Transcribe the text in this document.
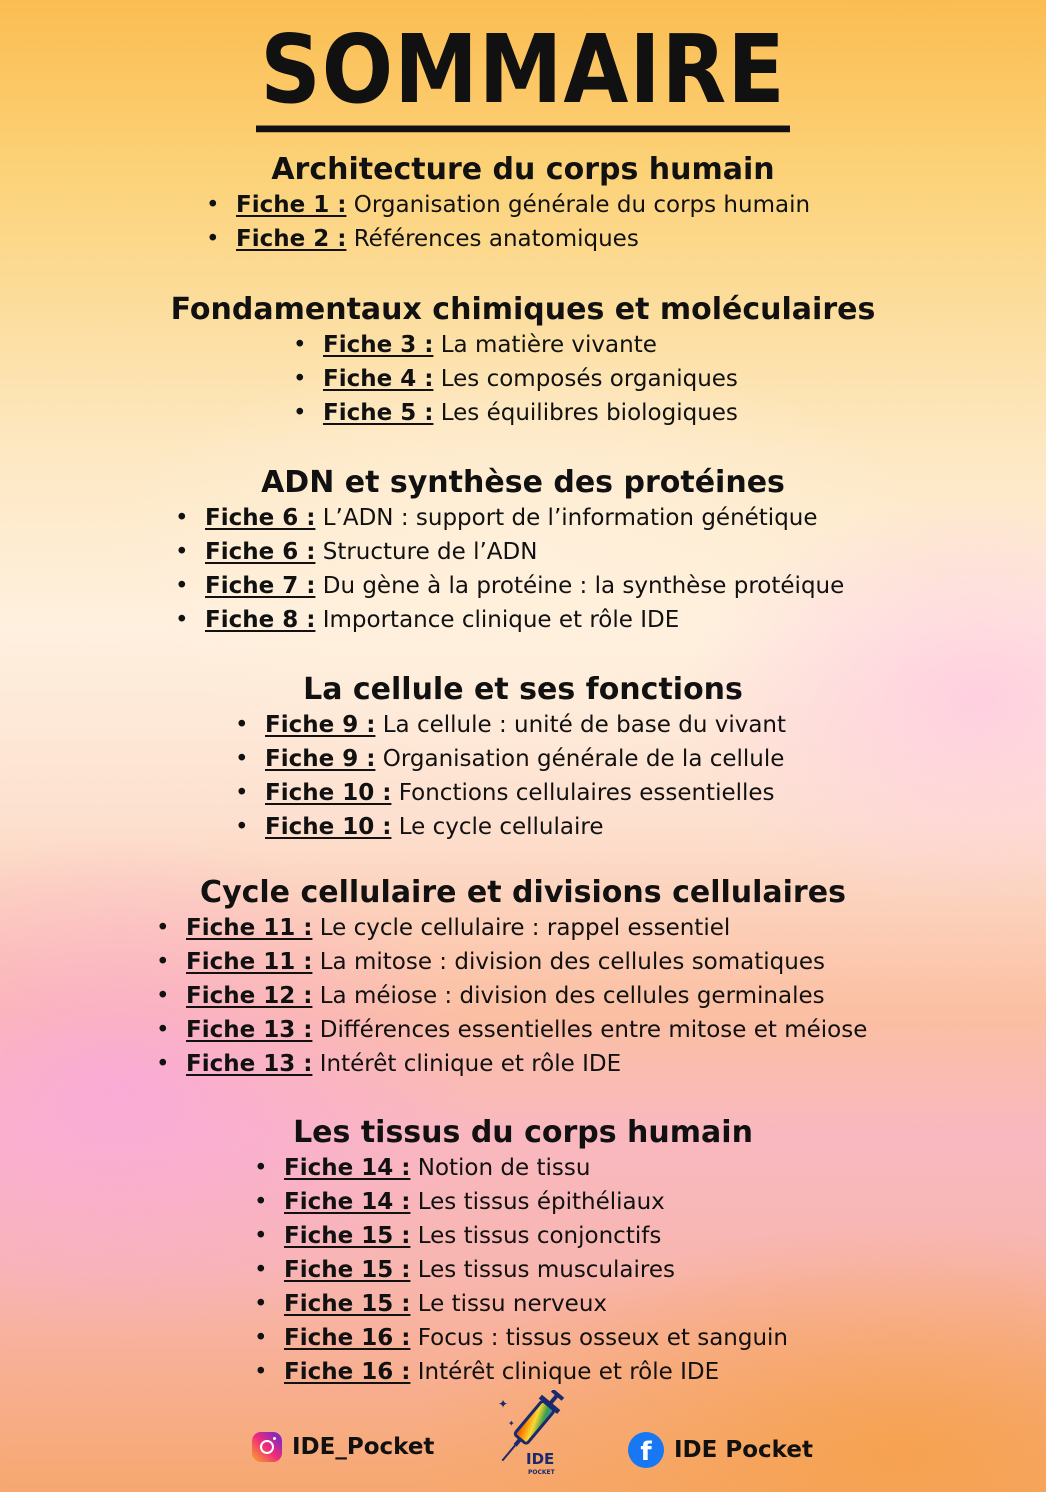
SOMMAIRE
Architecture du corps humain
• Fiche 1 : Organisation générale du corps humain
• Fiche 2 : Références anatomiques
Fondamentaux chimiques et moléculaires
• Fiche 3 : La matière vivante
• Fiche 4 : Les composés organiques
• Fiche 5 : Les équilibres biologiques
ADN et synthèse des protéines
• Fiche 6 : L’ADN : support de l’information génétique
• Fiche 6 : Structure de l’ADN
• Fiche 7 : Du gène à la protéine : la synthèse protéique
• Fiche 8 : Importance clinique et rôle IDE
La cellule et ses fonctions
• Fiche 9 : La cellule : unité de base du vivant
• Fiche 9 : Organisation générale de la cellule
• Fiche 10 : Fonctions cellulaires essentielles
• Fiche 10 : Le cycle cellulaire
Cycle cellulaire et divisions cellulaires
• Fiche 11 : Le cycle cellulaire : rappel essentiel
• Fiche 11 : La mitose : division des cellules somatiques
• Fiche 12 : La méiose : division des cellules germinales
• Fiche 13 : Différences essentielles entre mitose et méiose
• Fiche 13 : Intérêt clinique et rôle IDE
Les tissus du corps humain
• Fiche 14 : Notion de tissu
• Fiche 14 : Les tissus épithéliaux
• Fiche 15 : Les tissus conjonctifs
• Fiche 15 : Les tissus musculaires
• Fiche 15 : Le tissu nerveux
• Fiche 16 : Focus : tissus osseux et sanguin
• Fiche 16 : Intérêt clinique et rôle IDE
IDE_Pocket
✦
✦
IDE
POCKET
f IDE Pocket
